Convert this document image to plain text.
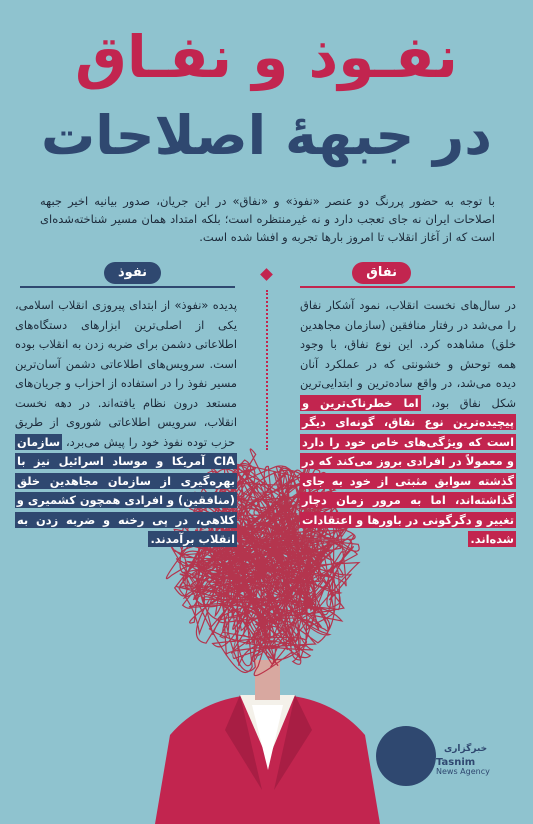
نفـوذ و نفـاق
در جبههٔ اصلاحات
با توجه به حضور پررنگ دو عنصر «نفوذ» و «نفاق» در این جریان، صدور بیانیه اخیر جبهه اصلاحات ایران نه جای تعجب دارد و نه غیرمنتظره است؛ بلکه امتداد همان مسیر شناخته‌شده‌ای است که از آغاز انقلاب تا امروز بارها تجربه و افشا شده است.
نفوذ	نفاق
پدیده «نفوذ» از ابتدای پیروزی انقلاب اسلامی، یکی از اصلی‌ترین ابزارهای دستگاه‌های اطلاعاتی دشمن برای ضربه زدن به انقلاب بوده است. سرویس‌های اطلاعاتی دشمن آسان‌ترین مسیر نفوذ را در استفاده از احزاب و جریان‌های مستعد درون نظام یافته‌اند. در دهه نخست انقلاب، سرویس اطلاعاتی شوروی از طریق حزب توده نفوذ خود را پیش می‌برد، سازمان CIA آمریکا و موساد اسرائیل نیز با بهره‌گیری از سازمان مجاهدین خلق (منافقین) و افرادی همچون کشمیری و کلاهی، در پی رخنه و ضربه زدن به انقلاب برآمدند.
در سال‌های نخست انقلاب، نمود آشکار نفاق را می‌شد در رفتار منافقین (سازمان مجاهدین خلق) مشاهده کرد. این نوع نفاق، با وجود همه توحش و خشونتی که در عملکرد آنان دیده می‌شد، در واقع ساده‌ترین و ابتدایی‌ترین شکل نفاق بود، اما خطرناک‌ترین و پیچیده‌ترین نوع نفاق، گونه‌ای دیگر است که ویژگی‌های خاص خود را دارد و معمولاً در افرادی بروز می‌کند که در گذشته سوابق مثبتی از خود به جای گذاشته‌اند، اما به مرور زمان دچار تغییر و دگرگونی در باورها و اعتقادات شده‌اند.
خبرگزاری
Tasnim
News Agency
